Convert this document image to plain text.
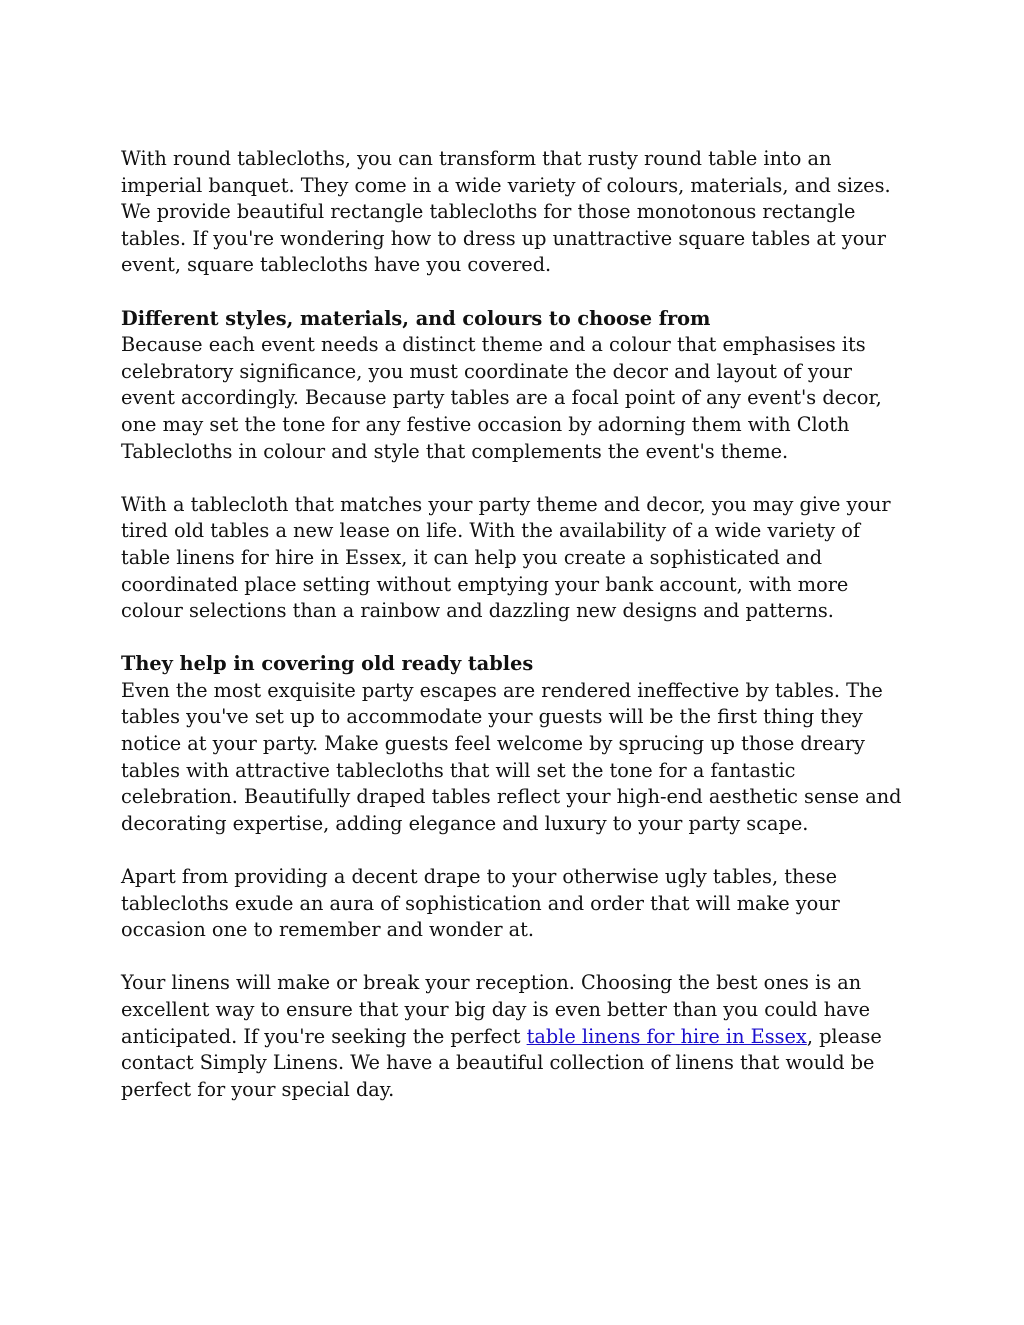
With round tablecloths, you can transform that rusty round table into an imperial banquet. They come in a wide variety of colours, materials, and sizes. We provide beautiful rectangle tablecloths for those monotonous rectangle tables. If you're wondering how to dress up unattractive square tables at your event, square tablecloths have you covered.

Different styles, materials, and colours to choose from

Because each event needs a distinct theme and a colour that emphasises its celebratory significance, you must coordinate the decor and layout of your event accordingly. Because party tables are a focal point of any event's decor, one may set the tone for any festive occasion by adorning them with Cloth Tablecloths in colour and style that complements the event's theme.

With a tablecloth that matches your party theme and decor, you may give your tired old tables a new lease on life. With the availability of a wide variety of table linens for hire in Essex, it can help you create a sophisticated and coordinated place setting without emptying your bank account, with more colour selections than a rainbow and dazzling new designs and patterns.

They help in covering old ready tables

Even the most exquisite party escapes are rendered ineffective by tables. The tables you've set up to accommodate your guests will be the first thing they notice at your party. Make guests feel welcome by sprucing up those dreary tables with attractive tablecloths that will set the tone for a fantastic celebration. Beautifully draped tables reflect your high-end aesthetic sense and decorating expertise, adding elegance and luxury to your party scape.

Apart from providing a decent drape to your otherwise ugly tables, these tablecloths exude an aura of sophistication and order that will make your occasion one to remember and wonder at.

Your linens will make or break your reception. Choosing the best ones is an excellent way to ensure that your big day is even better than you could have anticipated. If you're seeking the perfect table linens for hire in Essex, please contact Simply Linens. We have a beautiful collection of linens that would be perfect for your special day.
